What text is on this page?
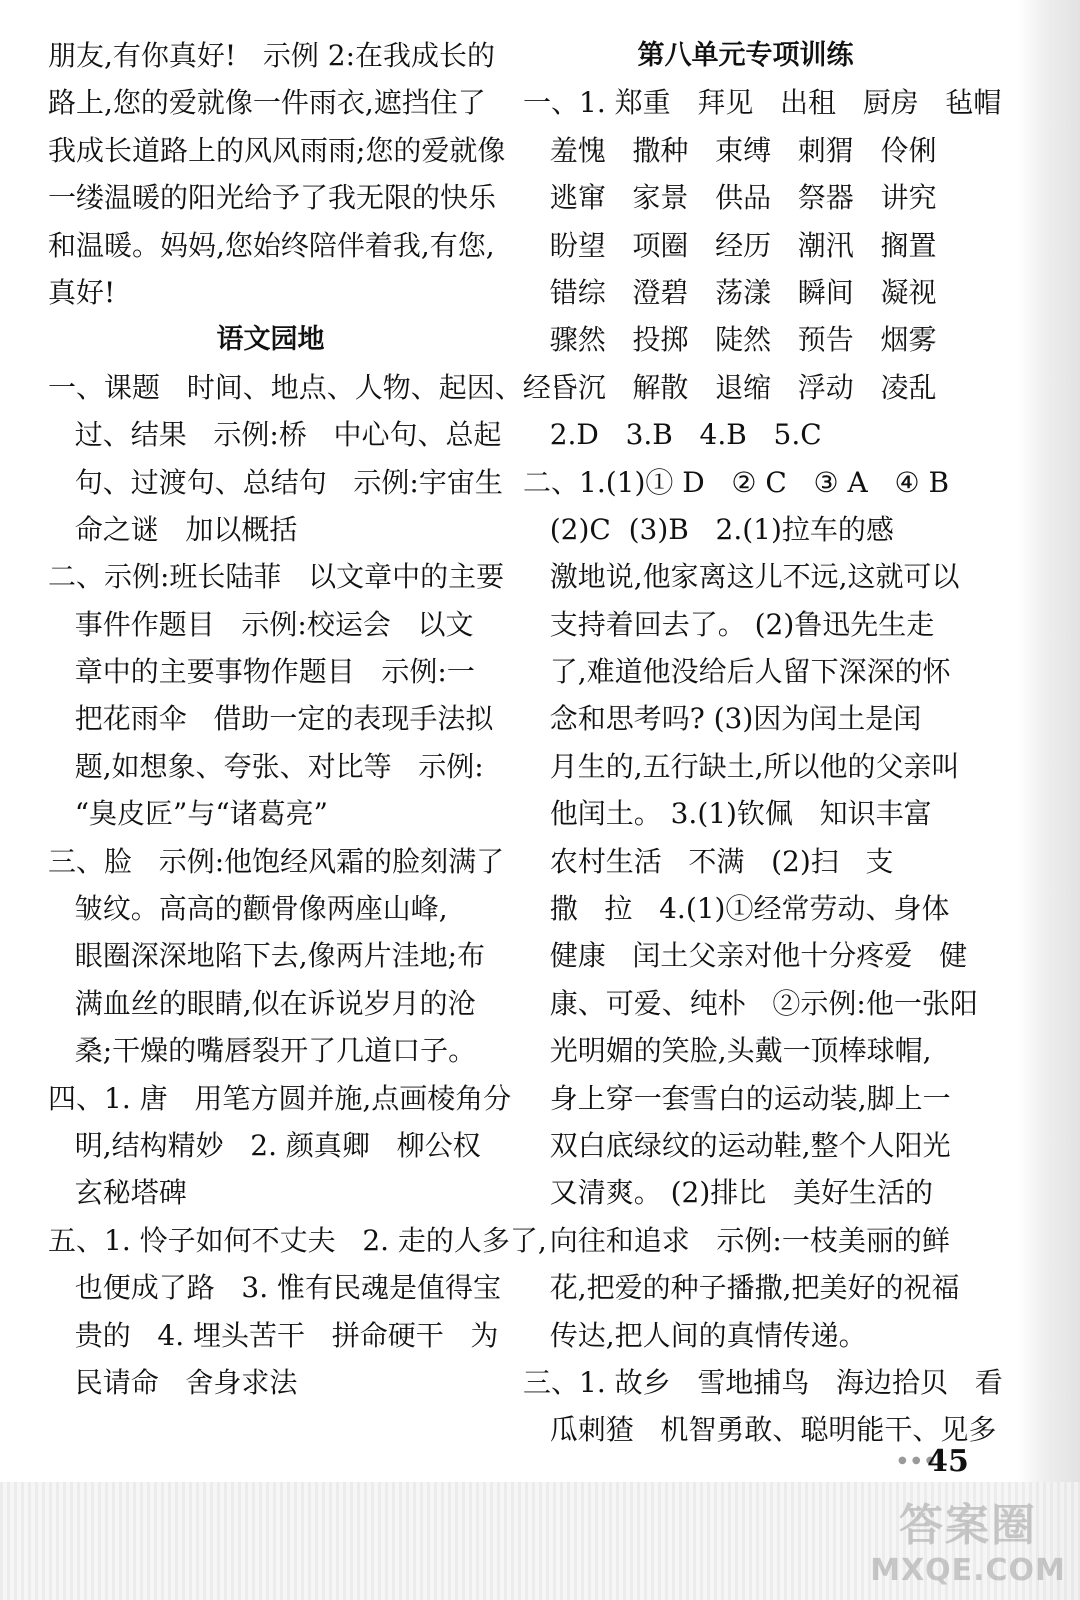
朋友,有你真好!   示例 2:在我成长的
路上,您的爱就像一件雨衣,遮挡住了
我成长道路上的风风雨雨;您的爱就像
一缕温暖的阳光给予了我无限的快乐
和温暖。妈妈,您始终陪伴着我,有您,
真好!
语文园地
一、课题   时间、地点、人物、起因、经
过、结果   示例:桥   中心句、总起
句、过渡句、总结句   示例:宇宙生
命之谜   加以概括
二、示例:班长陆菲   以文章中的主要
事件作题目   示例:校运会   以文
章中的主要事物作题目   示例:一
把花雨伞   借助一定的表现手法拟
题,如想象、夸张、对比等   示例:
“臭皮匠”与“诸葛亮”
三、脸   示例:他饱经风霜的脸刻满了
皱纹。高高的颧骨像两座山峰,
眼圈深深地陷下去,像两片洼地;布
满血丝的眼睛,似在诉说岁月的沧
桑;干燥的嘴唇裂开了几道口子。
四、1. 唐   用笔方圆并施,点画棱角分
明,结构精妙   2. 颜真卿   柳公权
玄秘塔碑
五、1. 怜子如何不丈夫   2. 走的人多了,
也便成了路   3. 惟有民魂是值得宝
贵的   4. 埋头苦干   拼命硬干   为
民请命   舍身求法
第八单元专项训练
一、1. 郑重   拜见   出租   厨房   毡帽
羞愧   撒种   束缚   刺猬   伶俐
逃窜   家景   供品   祭器   讲究
盼望   项圈   经历   潮汛   搁置
错综   澄碧   荡漾   瞬间   凝视
骤然   投掷   陡然   预告   烟雾
昏沉   解散   退缩   浮动   凌乱
2.D   3.B   4.B   5.C
二、1.(1)① D   ② C   ③ A   ④ B
(2)C  (3)B   2.(1)拉车的感
激地说,他家离这儿不远,这就可以
支持着回去了。 (2)鲁迅先生走
了,难道他没给后人留下深深的怀
念和思考吗? (3)因为闰土是闰
月生的,五行缺土,所以他的父亲叫
他闰土。 3.(1)钦佩   知识丰富
农村生活   不满   (2)扫   支
撒   拉   4.(1)①经常劳动、身体
健康   闰土父亲对他十分疼爱   健
康、可爱、纯朴   ②示例:他一张阳
光明媚的笑脸,头戴一顶棒球帽,
身上穿一套雪白的运动装,脚上一
双白底绿纹的运动鞋,整个人阳光
又清爽。 (2)排比   美好生活的
向往和追求   示例:一枝美丽的鲜
花,把爱的种子播撒,把美好的祝福
传达,把人间的真情传递。
三、1. 故乡   雪地捕鸟   海边拾贝   看
瓜刺猹   机智勇敢、聪明能干、见多
● ● ●
45
答案圈
MXQE.COM
